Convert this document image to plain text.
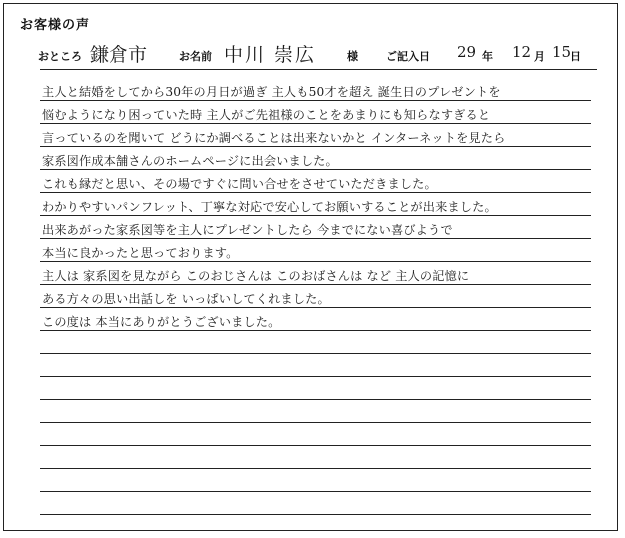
お客様の声
おところ 鎌倉市	お名前 中川 崇広	様	ご記入日 29 年 12 月 15
日
主人と結婚をしてから30年の月日が過ぎ 主人も50才を超え 誕生日のプレゼントを
悩むようになり困っていた時 主人がご先祖様のことをあまりにも知らなすぎると
言っているのを聞いて どうにか調べることは出来ないかと インターネットを見たら
家系図作成本舗さんのホームページに出会いました。
これも縁だと思い、その場ですぐに問い合せをさせていただきました。
わかりやすいパンフレット、丁寧な対応で安心してお願いすることが出来ました。
出来あがった家系図等を主人にプレゼントしたら 今までにない喜びようで
本当に良かったと思っております。
主人は 家系図を見ながら このおじさんは このおばさんは など 主人の記憶に
ある方々の思い出話しを いっぱいしてくれました。
この度は 本当にありがとうございました。
